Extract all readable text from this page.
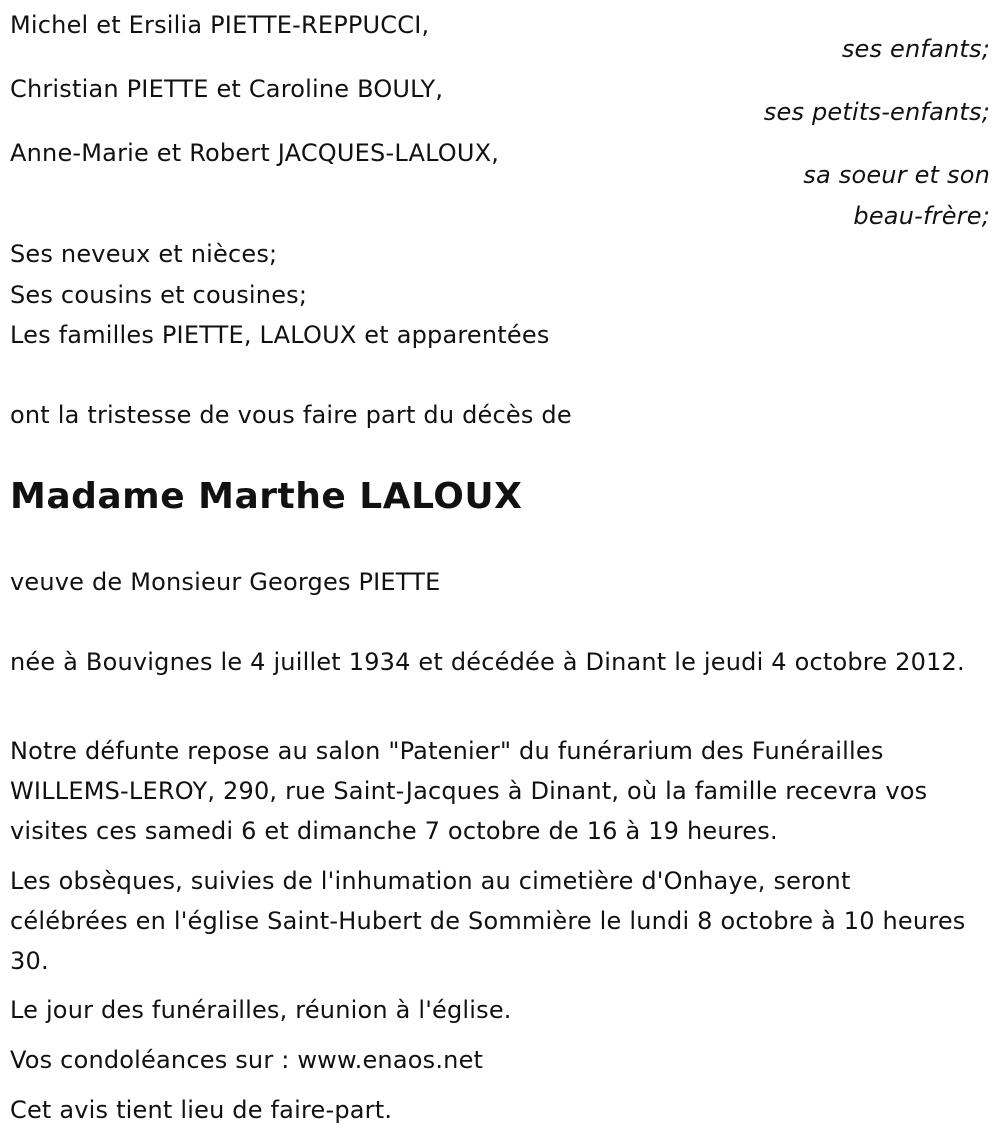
Michel et Ersilia PIETTE-REPPUCCI,
ses enfants;
Christian PIETTE et Caroline BOULY,
ses petits-enfants;
Anne-Marie et Robert JACQUES-LALOUX,
sa soeur et son
beau-frère;
Ses neveux et nièces;
Ses cousins et cousines;
Les familles PIETTE, LALOUX et apparentées
ont la tristesse de vous faire part du décès de
Madame Marthe LALOUX
veuve de Monsieur Georges PIETTE
née à Bouvignes le 4 juillet 1934 et décédée à Dinant le jeudi 4 octobre 2012.
Notre défunte repose au salon "Patenier" du funérarium des Funérailles WILLEMS-LEROY, 290, rue Saint-Jacques à Dinant, où la famille recevra vos visites ces samedi 6 et dimanche 7 octobre de 16 à 19 heures.
Les obsèques, suivies de l'inhumation au cimetière d'Onhaye, seront célébrées en l'église Saint-Hubert de Sommière le lundi 8 octobre à 10 heures 30.
Le jour des funérailles, réunion à l'église.
Vos condoléances sur : www.enaos.net
Cet avis tient lieu de faire-part.
